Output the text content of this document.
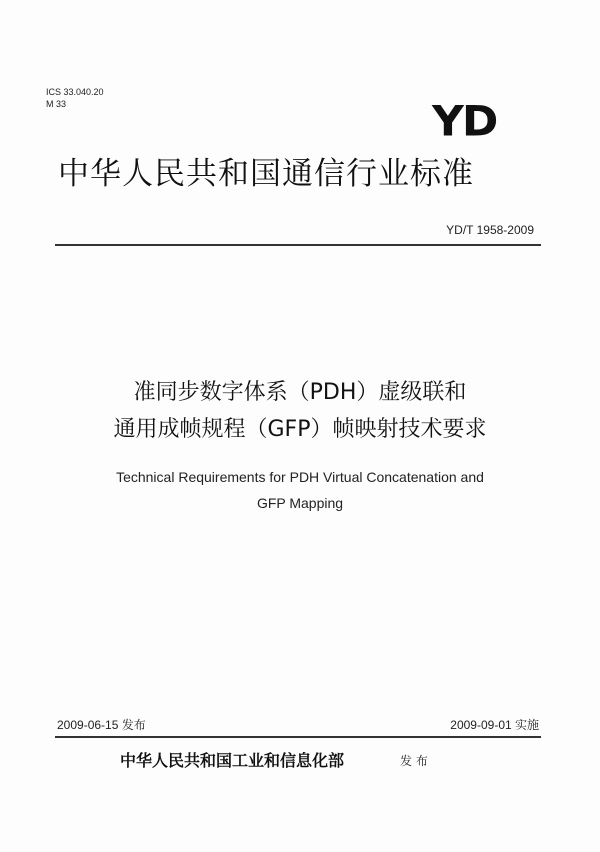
ICS 33.040.20
M 33	YD
中华人民共和国通信行业标准
YD/T 1958-2009
准同步数字体系（PDH）虚级联和
通用成帧规程（GFP）帧映射技术要求
Technical Requirements for PDH Virtual Concatenation and
GFP Mapping
2009-06-15 发布	2009-09-01 实施
中华人民共和国工业和信息化部	发 布
